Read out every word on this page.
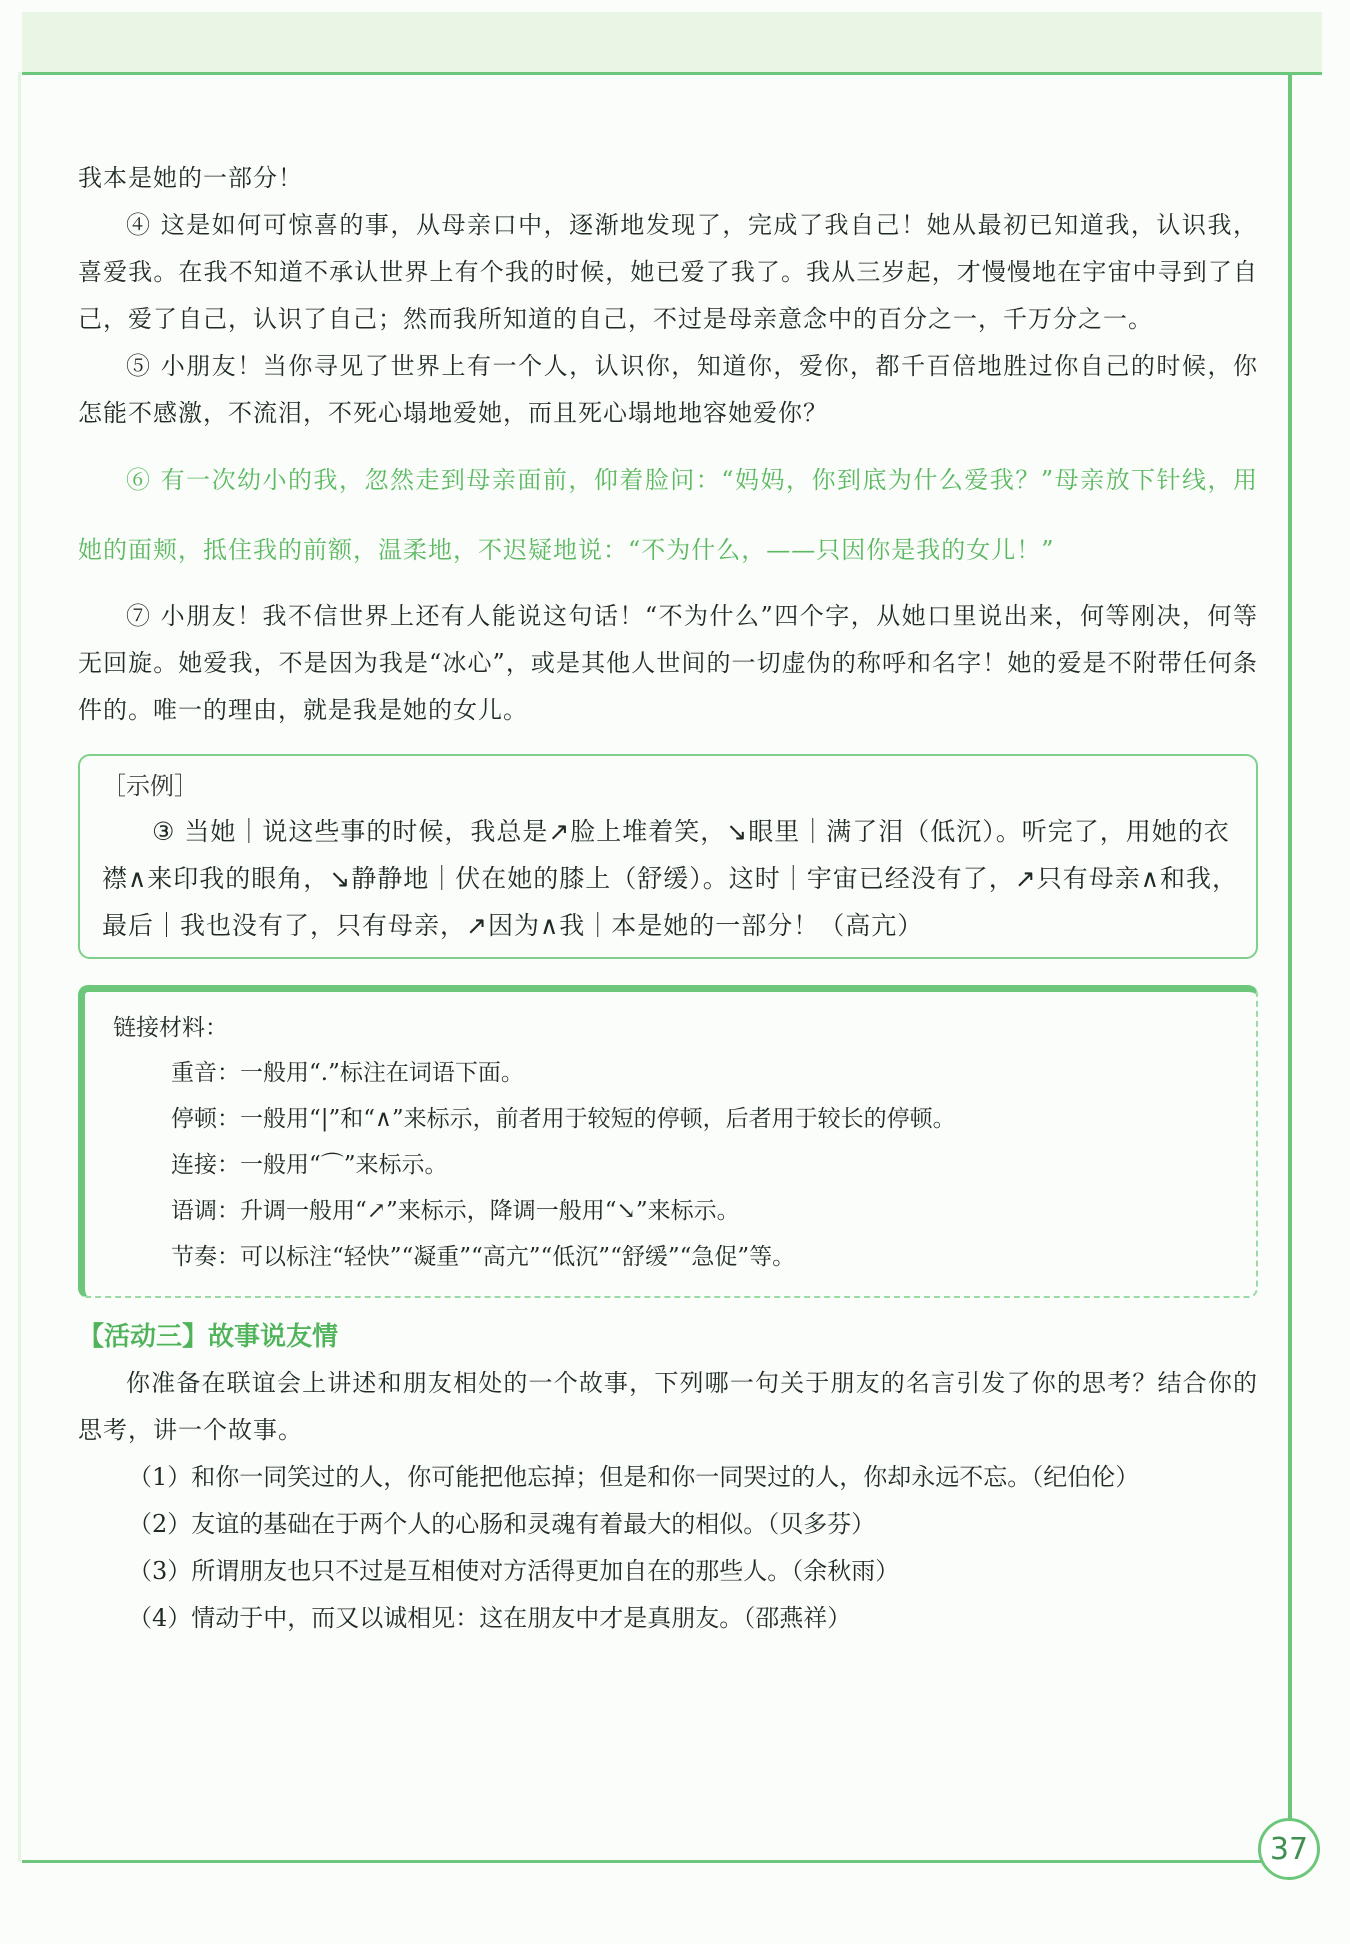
37

我本是她的一部分！

④ 这是如何可惊喜的事，从母亲口中，逐渐地发现了，完成了我自己！她从最初已知道我，认识我，喜爱我。在我不知道不承认世界上有个我的时候，她已爱了我了。我从三岁起，才慢慢地在宇宙中寻到了自己，爱了自己，认识了自己；然而我所知道的自己，不过是母亲意念中的百分之一，千万分之一。

⑤ 小朋友！当你寻见了世界上有一个人，认识你，知道你，爱你，都千百倍地胜过你自己的时候，你怎能不感激，不流泪，不死心塌地爱她，而且死心塌地地容她爱你？

⑥ 有一次幼小的我，忽然走到母亲面前，仰着脸问：“妈妈，你到底为什么爱我？”母亲放下针线，用她的面颊，抵住我的前额，温柔地，不迟疑地说：“不为什么，——只因你是我的女儿！”

⑦ 小朋友！我不信世界上还有人能说这句话！“不为什么”四个字，从她口里说出来，何等刚决，何等无回旋。她爱我，不是因为我是“冰心”，或是其他人世间的一切虚伪的称呼和名字！她的爱是不附带任何条件的。唯一的理由，就是我是她的女儿。

［示例］
③ 当她｜说这些事的时候，我总是↗脸上堆着笑，↘眼里｜满了泪（低沉）。听完了，用她的衣襟∧来印我的眼角，↘静静地｜伏在她的膝上（舒缓）。这时｜宇宙已经没有了，↗只有母亲∧和我，最后｜我也没有了，只有母亲，↗因为∧我｜本是她的一部分！（高亢）
链接材料：
重音：一般用“.”标注在词语下面。
停顿：一般用“|”和“∧”来标示，前者用于较短的停顿，后者用于较长的停顿。
连接：一般用“⌒”来标示。
语调：升调一般用“↗”来标示，降调一般用“↘”来标示。
节奏：可以标注“轻快”“凝重”“高亢”“低沉”“舒缓”“急促”等。
【活动三】故事说友情

你准备在联谊会上讲述和朋友相处的一个故事，下列哪一句关于朋友的名言引发了你的思考？结合你的思考，讲一个故事。

（1）和你一同笑过的人，你可能把他忘掉；但是和你一同哭过的人，你却永远不忘。（纪伯伦）
（2）友谊的基础在于两个人的心肠和灵魂有着最大的相似。（贝多芬）
（3）所谓朋友也只不过是互相使对方活得更加自在的那些人。（余秋雨）
（4）情动于中，而又以诚相见：这在朋友中才是真朋友。（邵燕祥）
